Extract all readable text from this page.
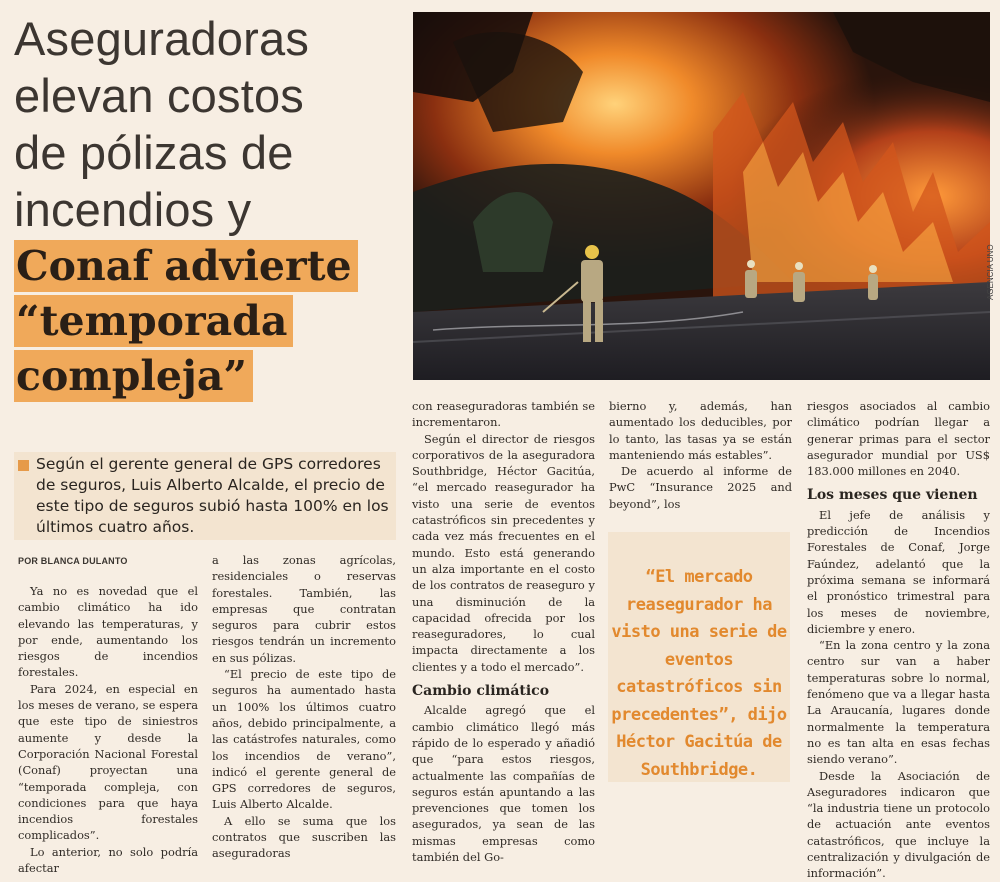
Aseguradoras
elevan costos
de pólizas de
incendios y
Conaf advierte
“temporada
compleja”
AGENCIA UNO
Según el gerente general de GPS corredores de seguros, Luis Alberto Alcalde, el precio de este tipo de seguros subió hasta 100% en los últimos cuatro años.
POR BLANCA DULANTO

Ya no es novedad que el cambio climático ha ido elevando las temperaturas, y por ende, aumentando los riesgos de incendios forestales.

Para 2024, en especial en los meses de verano, se espera que este tipo de siniestros aumente y desde la Corporación Nacional Forestal (Conaf) proyectan una “temporada compleja, con condiciones para que haya incendios forestales complicados”.

Lo anterior, no solo podría afectar

a las zonas agrícolas, residenciales o reservas forestales. También, las empresas que contratan seguros para cubrir estos riesgos tendrán un incremento en sus pólizas.

“El precio de este tipo de seguros ha aumentado hasta un 100% los últimos cuatro años, debido principalmente, a las catástrofes naturales, como los incendios de verano”, indicó el gerente general de GPS corredores de seguros, Luis Alberto Alcalde.

A ello se suma que los contratos que suscriben las aseguradoras

con reaseguradoras también se incrementaron.

Según el director de riesgos corporativos de la aseguradora Southbridge, Héctor Gacitúa, “el mercado reasegurador ha visto una serie de eventos catastróficos sin precedentes y cada vez más frecuentes en el mundo. Esto está generando un alza importante en el costo de los contratos de reaseguro y una disminución de la capacidad ofrecida por los reaseguradores, lo cual impacta directamente a los clientes y a todo el mercado”.

Cambio climático

Alcalde agregó que el cambio climático llegó más rápido de lo esperado y añadió que “para estos riesgos, actualmente las compañías de seguros están apuntando a las prevenciones que tomen los asegurados, ya sean de las mismas empresas como también del Go-

bierno y, además, han aumentado los deducibles, por lo tanto, las tasas ya se están manteniendo más estables”.

De acuerdo al informe de PwC “Insurance 2025 and beyond”, los

“El mercado reasegurador ha visto una serie de eventos catastróficos sin precedentes”, dijo Héctor Gacitúa de Southbridge.

riesgos asociados al cambio climático podrían llegar a generar primas para el sector asegurador mundial por US$ 183.000 millones en 2040.

Los meses que vienen

El jefe de análisis y predicción de Incendios Forestales de Conaf, Jorge Faúndez, adelantó que la próxima semana se informará el pronóstico trimestral para los meses de noviembre, diciembre y enero.

“En la zona centro y la zona centro sur van a haber temperaturas sobre lo normal, fenómeno que va a llegar hasta La Araucanía, lugares donde normalmente la temperatura no es tan alta en esas fechas siendo verano”.

Desde la Asociación de Aseguradores indicaron que “la industria tiene un protocolo de actuación ante eventos catastróficos, que incluye la centralización y divulgación de información”.
